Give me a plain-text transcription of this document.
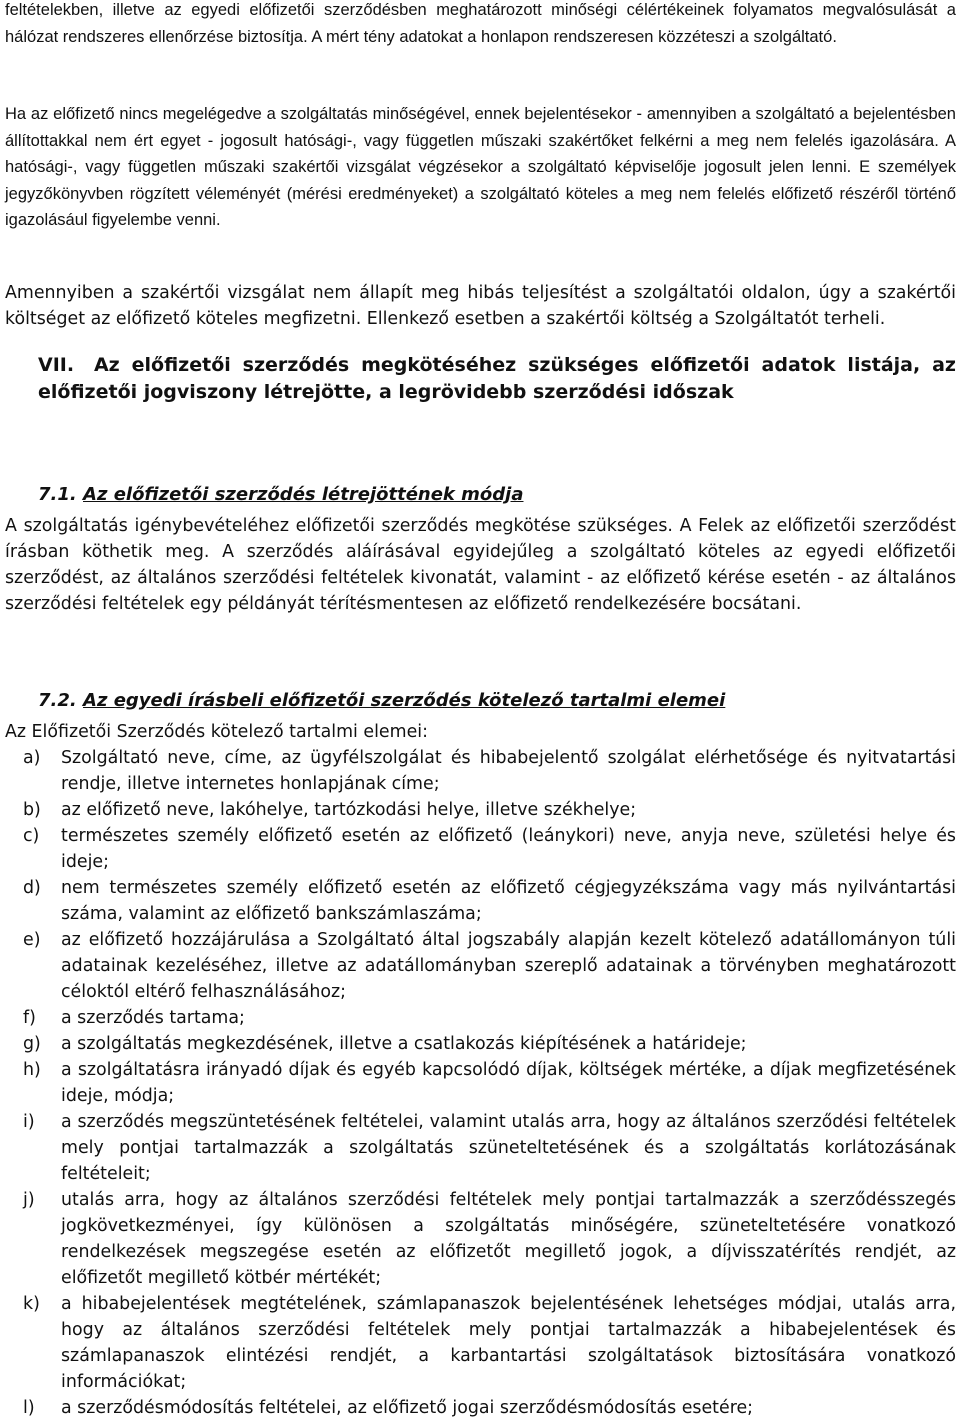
feltételekben, illetve az egyedi előfizetői szerződésben meghatározott minőségi célértékeinek folyamatos megvalósulását a hálózat rendszeres ellenőrzése biztosítja. A mért tény adatokat a honlapon rendszeresen közzéteszi a szolgáltató.

Ha az előfizető nincs megelégedve a szolgáltatás minőségével, ennek bejelentésekor - amennyiben a szolgáltató a bejelentésben állítottakkal nem ért egyet - jogosult hatósági-, vagy független műszaki szakértőket felkérni a meg nem felelés igazolására. A hatósági-, vagy független műszaki szakértői vizsgálat végzésekor a szolgáltató képviselője jogosult jelen lenni. E személyek jegyzőkönyvben rögzített véleményét (mérési eredményeket) a szolgáltató köteles a meg nem felelés előfizető részéről történő igazolásául figyelembe venni.

Amennyiben a szakértői vizsgálat nem állapít meg hibás teljesítést a szolgáltatói oldalon, úgy a szakértői költséget az előfizető köteles megfizetni. Ellenkező esetben a szakértői költség a Szolgáltatót terheli.

VII. Az előfizetői szerződés megkötéséhez szükséges előfizetői adatok listája, az előfizetői jogviszony létrejötte, a legrövidebb szerződési időszak
7.1. Az előfizetői szerződés létrejöttének módja

A szolgáltatás igénybevételéhez előfizetői szerződés megkötése szükséges. A Felek az előfizetői szerződést írásban köthetik meg. A szerződés aláírásával egyidejűleg a szolgáltató köteles az egyedi előfizetői szerződést, az általános szerződési feltételek kivonatát, valamint - az előfizető kérése esetén - az általános szerződési feltételek egy példányát térítésmentesen az előfizető rendelkezésére bocsátani.

7.2. Az egyedi írásbeli előfizetői szerződés kötelező tartalmi elemei

Az Előfizetői Szerződés kötelező tartalmi elemei:

a) Szolgáltató neve, címe, az ügyfélszolgálat és hibabejelentő szolgálat elérhetősége és nyitvatartási rendje, illetve internetes honlapjának címe;
b) az előfizető neve, lakóhelye, tartózkodási helye, illetve székhelye;
c) természetes személy előfizető esetén az előfizető (leánykori) neve, anyja neve, születési helye és ideje;
d) nem természetes személy előfizető esetén az előfizető cégjegyzékszáma vagy más nyilvántartási száma, valamint az előfizető bankszámlaszáma;
e) az előfizető hozzájárulása a Szolgáltató által jogszabály alapján kezelt kötelező adatállományon túli adatainak kezeléséhez, illetve az adatállományban szereplő adatainak a törvényben meghatározott céloktól eltérő felhasználásához;
f) a szerződés tartama;
g) a szolgáltatás megkezdésének, illetve a csatlakozás kiépítésének a határideje;
h) a szolgáltatásra irányadó díjak és egyéb kapcsolódó díjak, költségek mértéke, a díjak megfizetésének ideje, módja;
i) a szerződés megszüntetésének feltételei, valamint utalás arra, hogy az általános szerződési feltételek mely pontjai tartalmazzák a szolgáltatás szüneteltetésének és a szolgáltatás korlátozásának feltételeit;
j) utalás arra, hogy az általános szerződési feltételek mely pontjai tartalmazzák a szerződésszegés jogkövetkezményei, így különösen a szolgáltatás minőségére, szüneteltetésére vonatkozó rendelkezések megszegése esetén az előfizetőt megillető jogok, a díjvisszatérítés rendjét, az előfizetőt megillető kötbér mértékét;
k) a hibabejelentések megtételének, számlapanaszok bejelentésének lehetséges módjai, utalás arra, hogy az általános szerződési feltételek mely pontjai tartalmazzák a hibabejelentések és számlapanaszok elintézési rendjét, a karbantartási szolgáltatások biztosítására vonatkozó információkat;
l) a szerződésmódosítás feltételei, az előfizető jogai szerződésmódosítás esetére;
